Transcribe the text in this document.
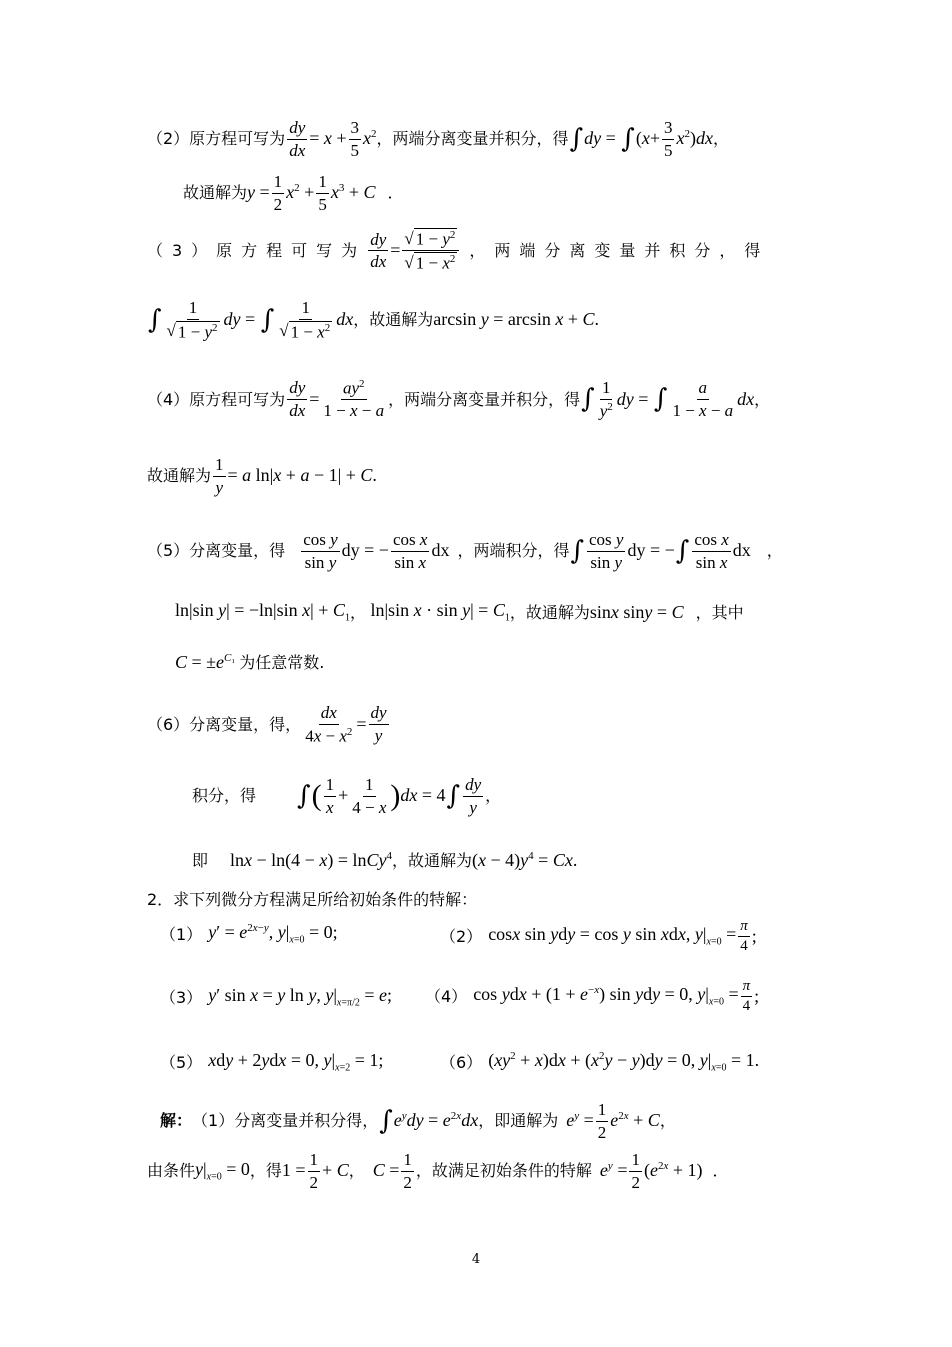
（2）原方程可写为 $\frac{dy}{dx} = x + \frac{3}{5} x^2$ ，两端分离变量并积分，得 ∫ dy = ∫ $(x+ \frac{3}{5} x^2)dx$ ，
故通解为 $y = \frac{1}{2} x^2 + \frac{1}{5} x^3 + C$ ．
（3）原方程可写为 $\frac{dy}{dx} = \frac{√ 1 - y^2}{√ 1 - x^2}$ ，两端分离变量并积分，得
∫ $\frac{1}{√ 1 - y^2}$ dy = ∫ $\frac{1}{√ 1 - x^2}$ dx ，故通解为 arcsin y = arcsin x + C.
（4）原方程可写为 $\frac{dy}{dx} = \frac{ay^2}{1 - x - a}$ ，两端分离变量并积分，得 ∫ $\frac{1}{y^2}$ dy = ∫ $\frac{a}{1 - x - a}$ dx ，
故通解为 $\frac{1}{y} = a$ ln|x + a − 1| + C.
（5）分离变量，得 $\frac{\text{cos y}}{\text{sin y}}$ dy = − $\frac{\text{cos x}}{\text{sin x}}$ dx ，两端积分，得 ∫ $\frac{\text{cos y}}{\text{sin y}}$ dy = − ∫ $\frac{\text{cos x}}{\text{sin x}}$ dx ，
ln|sin y| = −ln|sin $x| + C_1$ ， ln|sin $x \cdot \sin y| = C_1$ ，故通解为 sinx siny = C ，其中
$C = \pm e^{C_1}$ 为任意常数.
（6）分离变量，得， $\frac{dx}{4x - x^2} = \frac{dy}{y}$
积分，得 ∫ ( $\frac{1}{x} + \frac{1}{4 - x}$ ) dx = 4 ∫ $\frac{dy}{y}$ ，
即 lnx − ln(4 − x) = lnCy$^4$ ，故通解为 $(x - 4)y^4 = Cx$.
2．求下列微分方程满足所给初始条件的特解：
（1） $y' = e^{2x-y}$, $y|_{x=0} = 0$;	（2） cosx sin ydy = cos y sin xdx, $y|_{x=0} = \frac{\pi}{4}$ ;
（3） y′ sin x = y ln y, $y|_{x=\pi/2} = e$; （4） cos ydx + $(1 + e^{-x})$ sin ydy = 0, $y|_{x=0} = \frac{\pi}{4}$ ;
（5） xdy + 2ydx = 0, $y|_{x=2} = 1$;	（6） $(xy^2 + x)dx + (x^2y - y)dy = 0$, $y|_{x=0} = 1$.
解： （1）分离变量并积分得， ∫ $e^ydy = e^{2x}dx$ ，即通解为 $e^y = \frac{1}{2} e^{2x} + C$ ，
由条件 $y|_{x=0} = 0$ ，得 $1 = \frac{1}{2} + C$ ， $C = \frac{1}{2}$ ，故满足初始条件的特解 $e^y = \frac{1}{2} (e^{2x} + 1)$ ．
4
